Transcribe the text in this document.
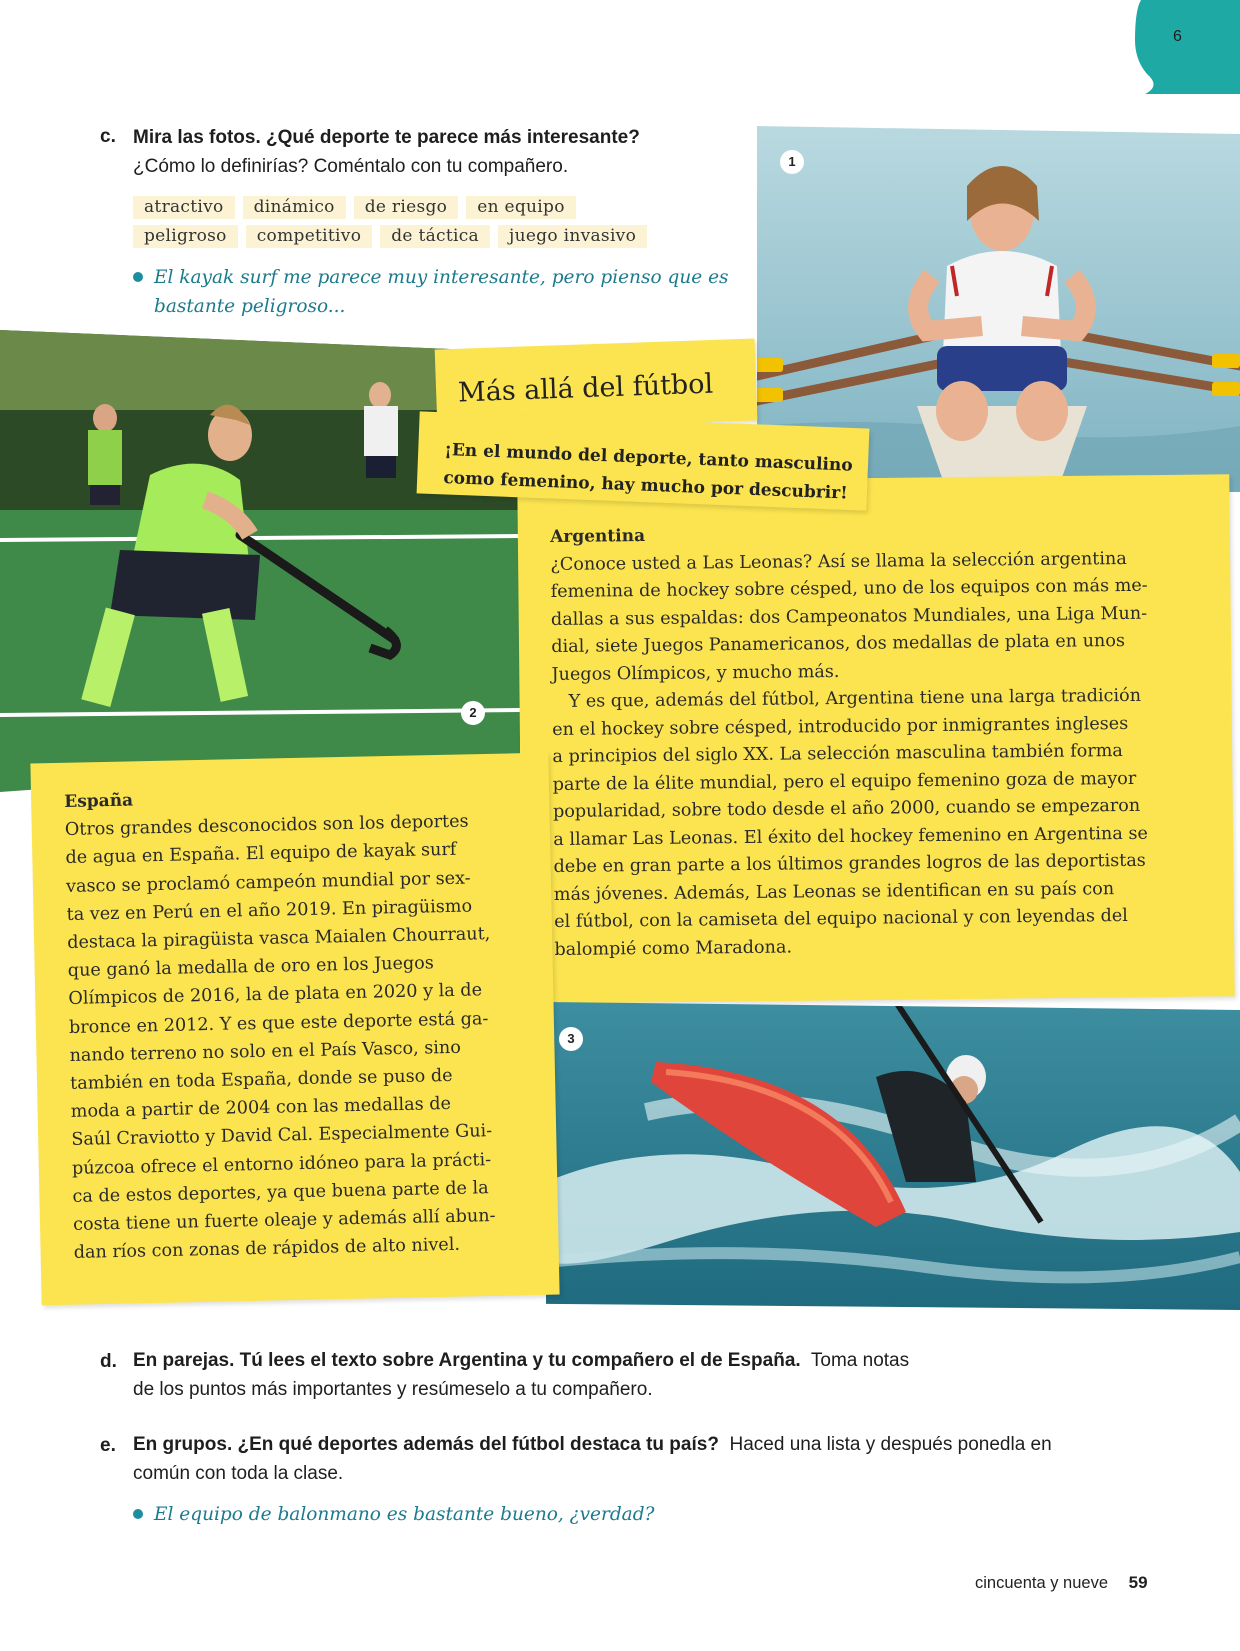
6
c. Mira las fotos. ¿Qué deporte te parece más interesante?
¿Cómo lo definirías? Coméntalo con tu compañero.
atractivo	dinámico	de riesgo	en equipo
peligroso	competitivo	de táctica	juego invasivo
El kayak surf me parece muy interesante, pero pienso que es
bastante peligroso...
1
2
Más allá del fútbol
¡En el mundo del deporte, tanto masculino
como femenino, hay mucho por descubrir!

Argentina

¿Conoce usted a Las Leonas? Así se llama la selección argentina

femenina de hockey sobre césped, uno de los equipos con más me-

dallas a sus espaldas: dos Campeonatos Mundiales, una Liga Mun-

dial, siete Juegos Panamericanos, dos medallas de plata en unos

Juegos Olímpicos, y mucho más.

Y es que, además del fútbol, Argentina tiene una larga tradición

en el hockey sobre césped, introducido por inmigrantes ingleses

a principios del siglo XX. La selección masculina también forma

parte de la élite mundial, pero el equipo femenino goza de mayor

popularidad, sobre todo desde el año 2000, cuando se empezaron

a llamar Las Leonas. El éxito del hockey femenino en Argentina se

debe en gran parte a los últimos grandes logros de las deportistas

más jóvenes. Además, Las Leonas se identifican en su país con

el fútbol, con la camiseta del equipo nacional y con leyendas del

balompié como Maradona.

3

España

Otros grandes desconocidos son los deportes

de agua en España. El equipo de kayak surf

vasco se proclamó campeón mundial por sex-

ta vez en Perú en el año 2019. En piragüismo

destaca la piragüista vasca Maialen Chourraut,

que ganó la medalla de oro en los Juegos

Olímpicos de 2016, la de plata en 2020 y la de

bronce en 2012. Y es que este deporte está ga-

nando terreno no solo en el País Vasco, sino

también en toda España, donde se puso de

moda a partir de 2004 con las medallas de

Saúl Craviotto y David Cal. Especialmente Gui-

púzcoa ofrece el entorno idóneo para la prácti-

ca de estos deportes, ya que buena parte de la

costa tiene un fuerte oleaje y además allí abun-

dan ríos con zonas de rápidos de alto nivel.

d. En parejas. Tú lees el texto sobre Argentina y tu compañero el de España. Toma notas
de los puntos más importantes y resúmeselo a tu compañero.
e. En grupos. ¿En qué deportes además del fútbol destaca tu país? Haced una lista y después ponedla en
común con toda la clase.
El equipo de balonmano es bastante bueno, ¿verdad?
cincuenta y nueve 59
